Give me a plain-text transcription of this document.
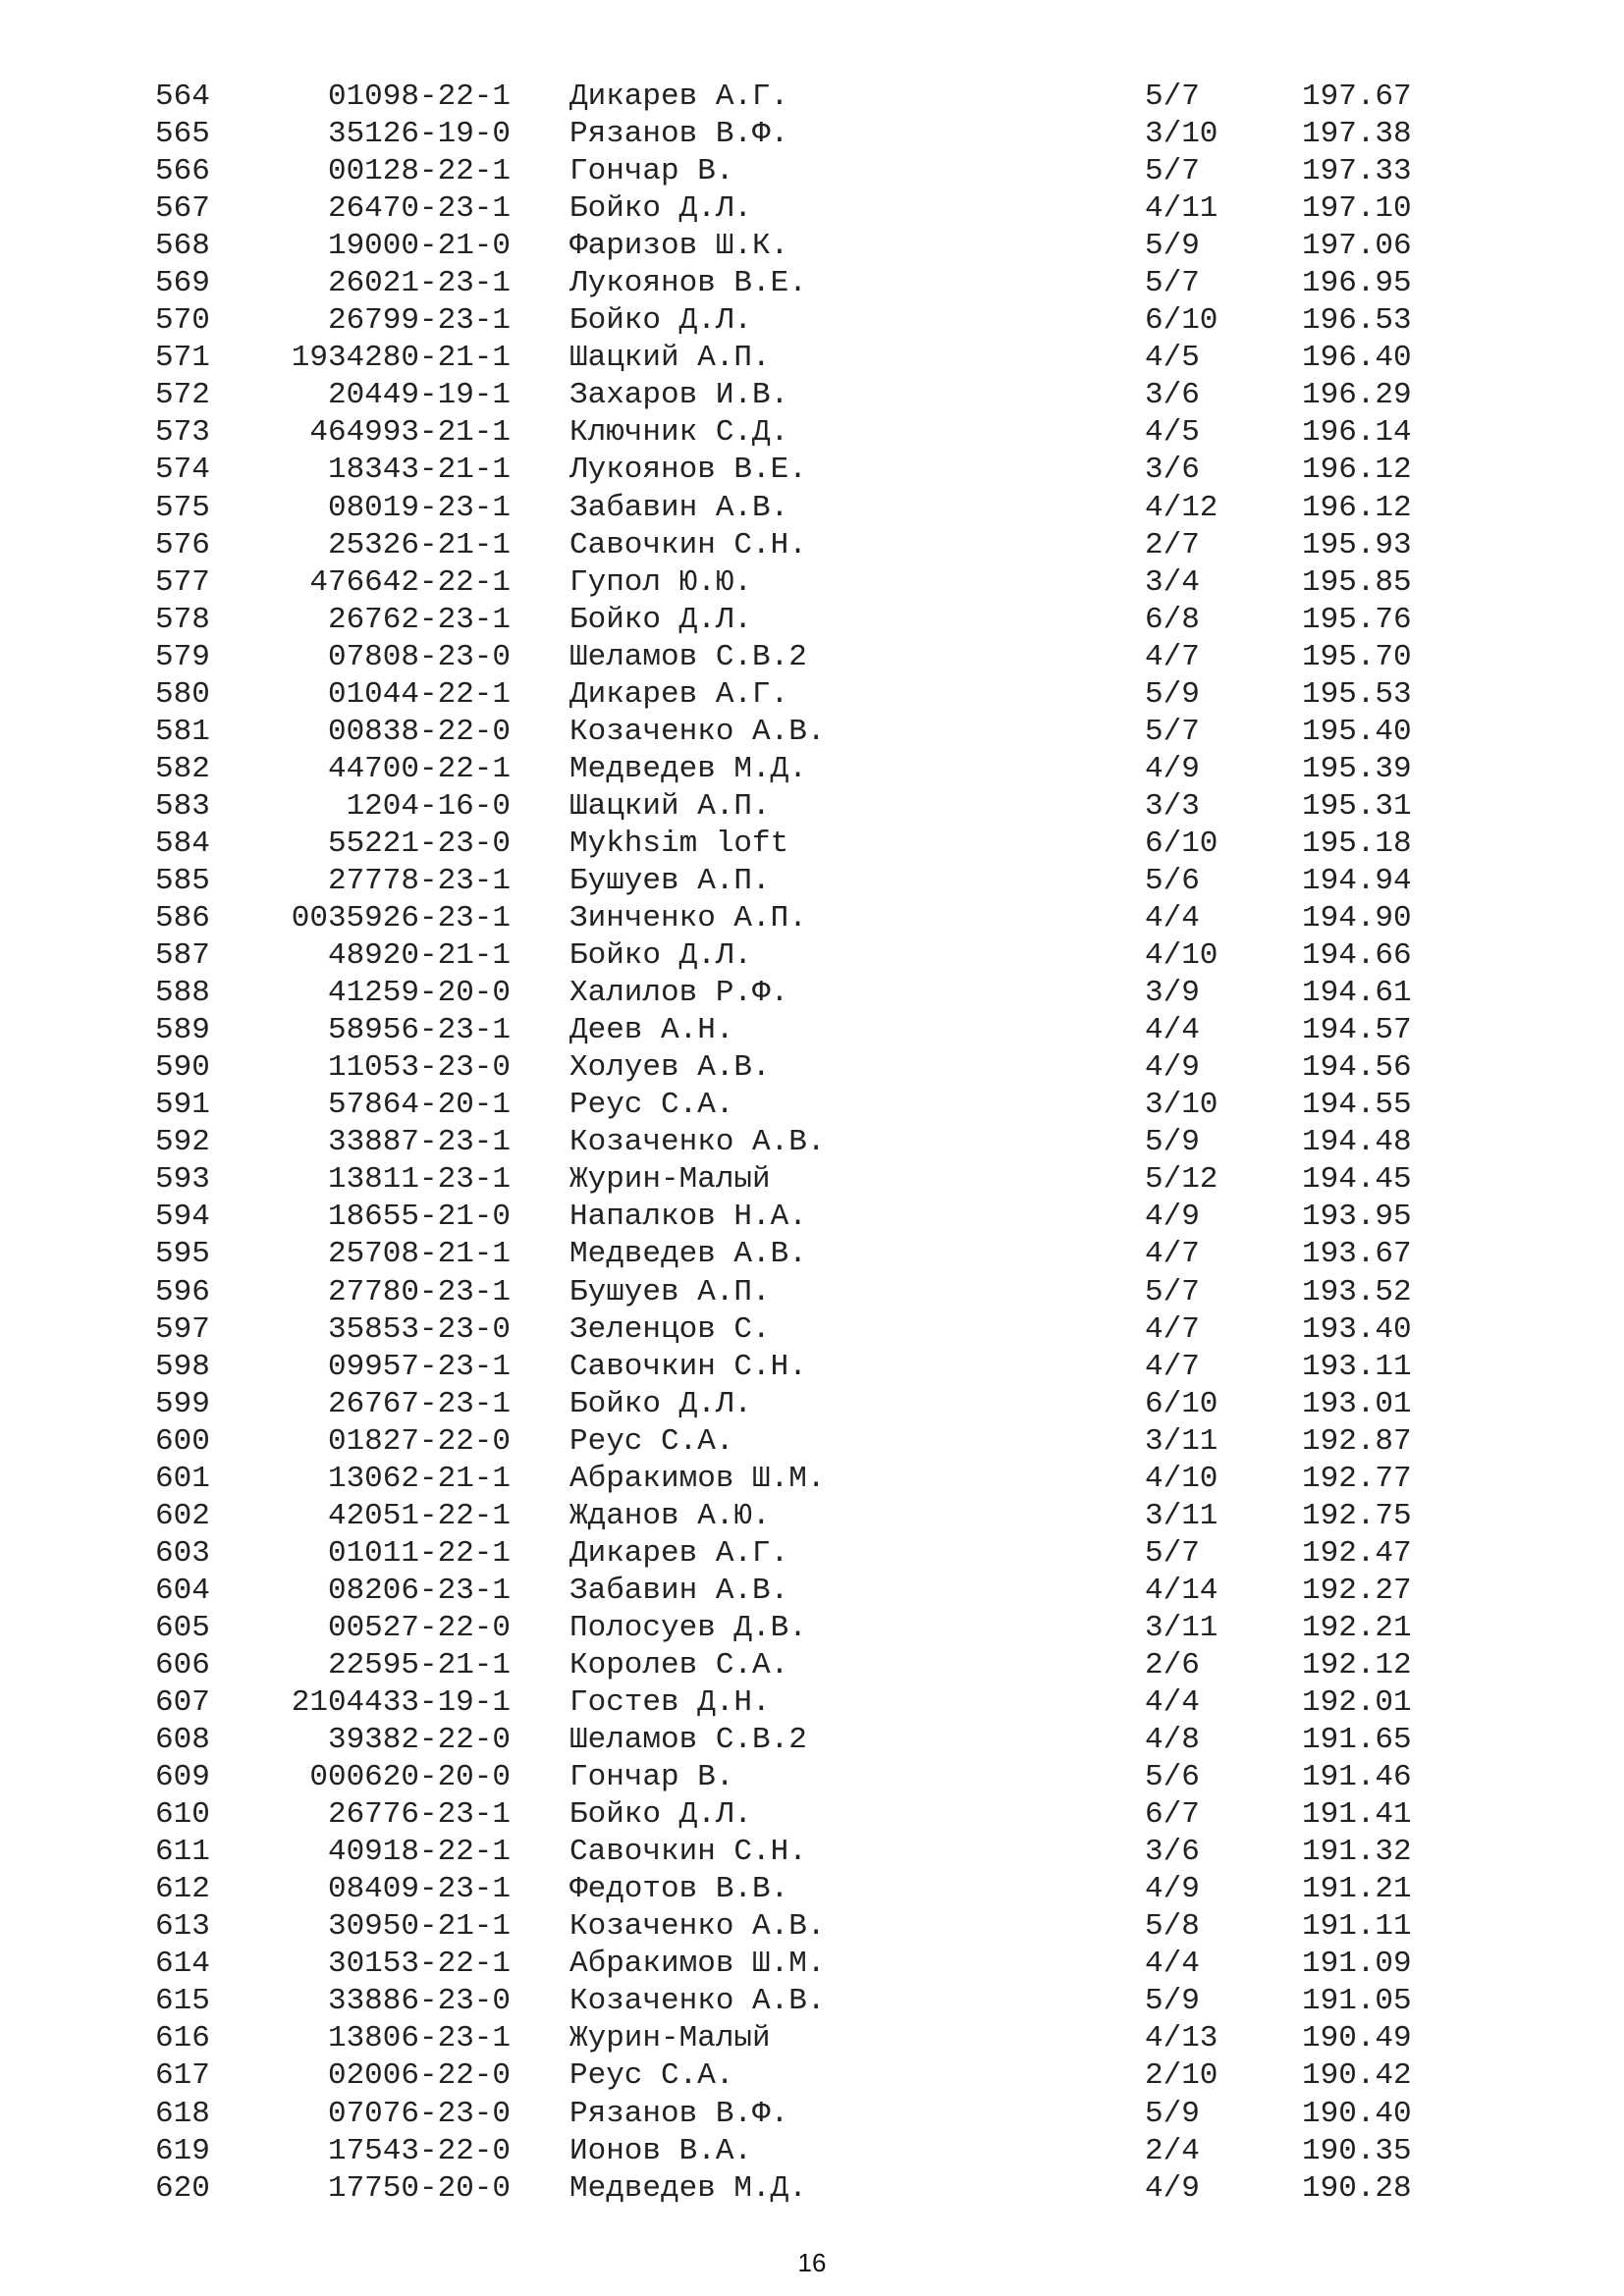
564	01098-22-1 Дикарев А.Г.	5/7	197.67
565	35126-19-0 Рязанов В.Ф.	3/10	197.38
566	00128-22-1 Гончар В.	5/7	197.33
567	26470-23-1 Бойко Д.Л.	4/11	197.10
568	19000-21-0 Фаризов Ш.К.	5/9	197.06
569	26021-23-1 Лукоянов В.Е.	5/7	196.95
570	26799-23-1 Бойко Д.Л.	6/10	196.53
571	1934280-21-1 Шацкий А.П.	4/5	196.40
572	20449-19-1 Захаров И.В.	3/6	196.29
573	464993-21-1 Ключник С.Д.	4/5	196.14
574	18343-21-1 Лукоянов В.Е.	3/6	196.12
575	08019-23-1 Забавин А.В.	4/12	196.12
576	25326-21-1 Савочкин С.Н.	2/7	195.93
577	476642-22-1 Гупол Ю.Ю.	3/4	195.85
578	26762-23-1 Бойко Д.Л.	6/8	195.76
579	07808-23-0 Шеламов С.В.2	4/7	195.70
580	01044-22-1 Дикарев А.Г.	5/9	195.53
581	00838-22-0 Козаченко А.В.	5/7	195.40
582	44700-22-1 Медведев М.Д.	4/9	195.39
583	1204-16-0 Шацкий А.П.	3/3	195.31
584	55221-23-0 Mykhsim loft	6/10	195.18
585	27778-23-1 Бушуев А.П.	5/6	194.94
586	0035926-23-1 Зинченко А.П.	4/4	194.90
587	48920-21-1 Бойко Д.Л.	4/10	194.66
588	41259-20-0 Халилов Р.Ф.	3/9	194.61
589	58956-23-1 Деев А.Н.	4/4	194.57
590	11053-23-0 Холуев А.В.	4/9	194.56
591	57864-20-1 Реус С.А.	3/10	194.55
592	33887-23-1 Козаченко А.В.	5/9	194.48
593	13811-23-1 Журин-Малый	5/12	194.45
594	18655-21-0 Напалков Н.А.	4/9	193.95
595	25708-21-1 Медведев А.В.	4/7	193.67
596	27780-23-1 Бушуев А.П.	5/7	193.52
597	35853-23-0 Зеленцов С.	4/7	193.40
598	09957-23-1 Савочкин С.Н.	4/7	193.11
599	26767-23-1 Бойко Д.Л.	6/10	193.01
600	01827-22-0 Реус С.А.	3/11	192.87
601	13062-21-1 Абракимов Ш.М.	4/10	192.77
602	42051-22-1 Жданов А.Ю.	3/11	192.75
603	01011-22-1 Дикарев А.Г.	5/7	192.47
604	08206-23-1 Забавин А.В.	4/14	192.27
605	00527-22-0 Полосуев Д.В.	3/11	192.21
606	22595-21-1 Королев С.А.	2/6	192.12
607	2104433-19-1 Гостев Д.Н.	4/4	192.01
608	39382-22-0 Шеламов С.В.2	4/8	191.65
609	000620-20-0 Гончар В.	5/6	191.46
610	26776-23-1 Бойко Д.Л.	6/7	191.41
611	40918-22-1 Савочкин С.Н.	3/6	191.32
612	08409-23-1 Федотов В.В.	4/9	191.21
613	30950-21-1 Козаченко А.В.	5/8	191.11
614	30153-22-1 Абракимов Ш.М.	4/4	191.09
615	33886-23-0 Козаченко А.В.	5/9	191.05
616	13806-23-1 Журин-Малый	4/13	190.49
617	02006-22-0 Реус С.А.	2/10	190.42
618	07076-23-0 Рязанов В.Ф.	5/9	190.40
619	17543-22-0 Ионов В.А.	2/4	190.35
620	17750-20-0 Медведев М.Д.	4/9	190.28
16
